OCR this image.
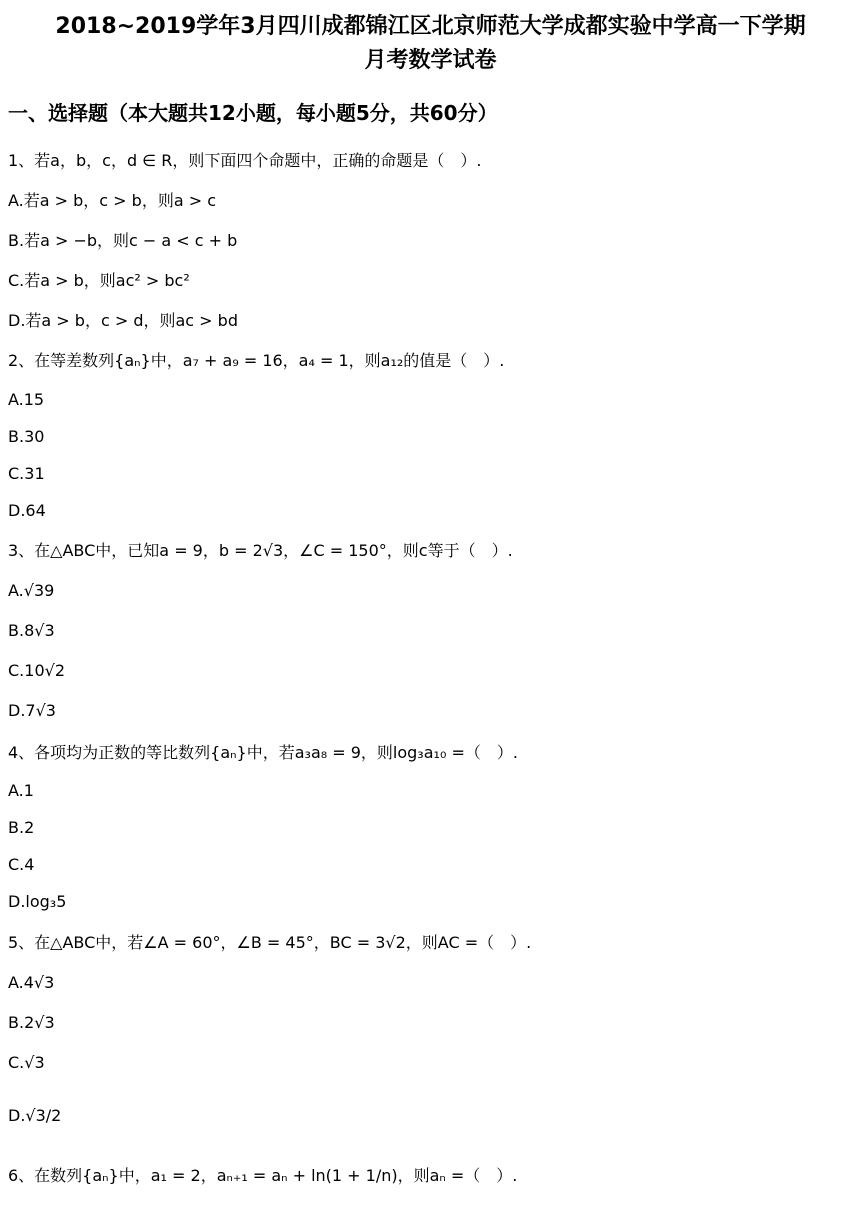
2018~2019学年3月四川成都锦江区北京师范大学成都实验中学高一下学期
月考数学试卷
一、选择题（本大题共12小题，每小题5分，共60分）
1、若a，b，c，d ∈ R，则下面四个命题中，正确的命题是（　）.
A.若a > b，c > b，则a > c
B.若a > −b，则c − a < c + b
C.若a > b，则ac² > bc²
D.若a > b，c > d，则ac > bd
2、在等差数列{aₙ}中，a₇ + a₉ = 16，a₄ = 1，则a₁₂的值是（　）.
A.15
B.30
C.31
D.64
3、在△ABC中，已知a = 9，b = 2√3，∠C = 150°，则c等于（　）.
A.√39
B.8√3
C.10√2
D.7√3
4、各项均为正数的等比数列{aₙ}中，若a₃a₈ = 9，则log₃a₁₀ =（　）.
A.1
B.2
C.4
D.log₃5
5、在△ABC中，若∠A = 60°，∠B = 45°，BC = 3√2，则AC =（　）.
A.4√3
B.2√3
C.√3
D.√3/2
6、在数列{aₙ}中，a₁ = 2，aₙ₊₁ = aₙ + ln(1 + 1/n)，则aₙ =（　）.
